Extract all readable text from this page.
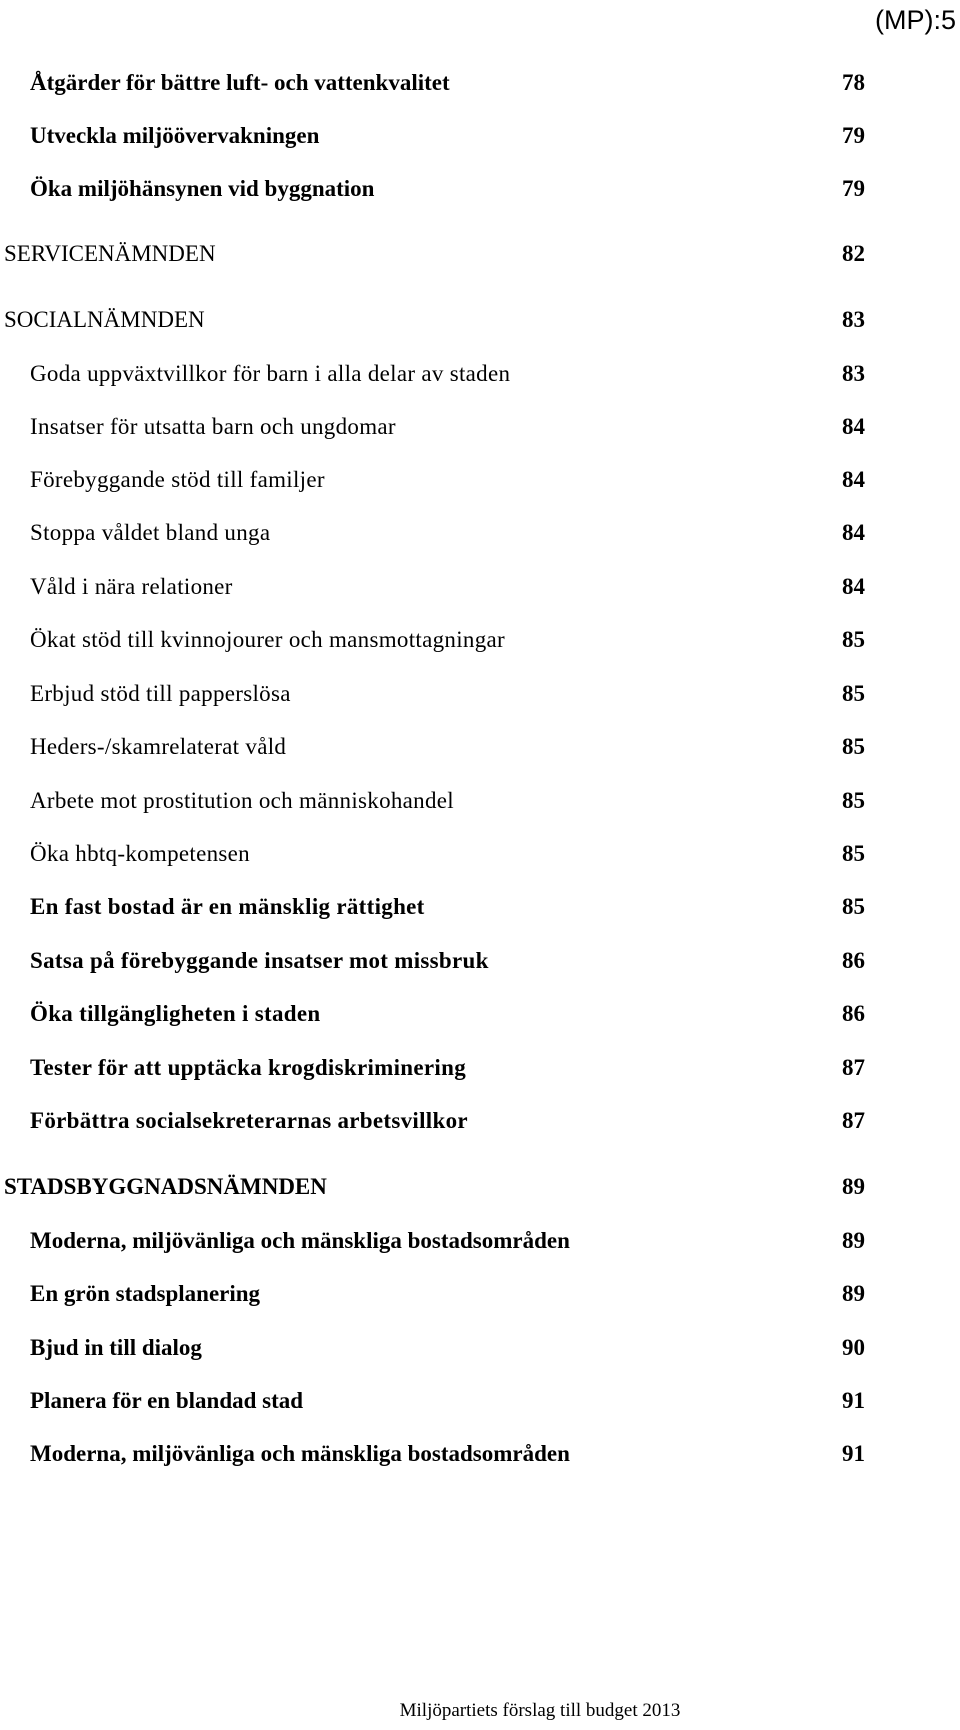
(MP):5
Åtgärder för bättre luft- och vattenkvalitet	78
Utveckla miljöövervakningen	79
Öka miljöhänsynen vid byggnation	79
SERVICENÄMNDEN	82
SOCIALNÄMNDEN	83
Goda uppväxtvillkor för barn i alla delar av staden	83
Insatser för utsatta barn och ungdomar	84
Förebyggande stöd till familjer	84
Stoppa våldet bland unga	84
Våld i nära relationer	84
Ökat stöd till kvinnojourer och mansmottagningar	85
Erbjud stöd till papperslösa	85
Heders-/skamrelaterat våld	85
Arbete mot prostitution och människohandel	85
Öka hbtq-kompetensen	85
En fast bostad är en mänsklig rättighet	85
Satsa på förebyggande insatser mot missbruk	86
Öka tillgängligheten i staden	86
Tester för att upptäcka krogdiskriminering	87
Förbättra socialsekreterarnas arbetsvillkor	87
STADSBYGGNADSNÄMNDEN	89
Moderna, miljövänliga och mänskliga bostadsområden	89
En grön stadsplanering	89
Bjud in till dialog	90
Planera för en blandad stad	91
Moderna, miljövänliga och mänskliga bostadsområden	91
Miljöpartiets förslag till budget 2013
